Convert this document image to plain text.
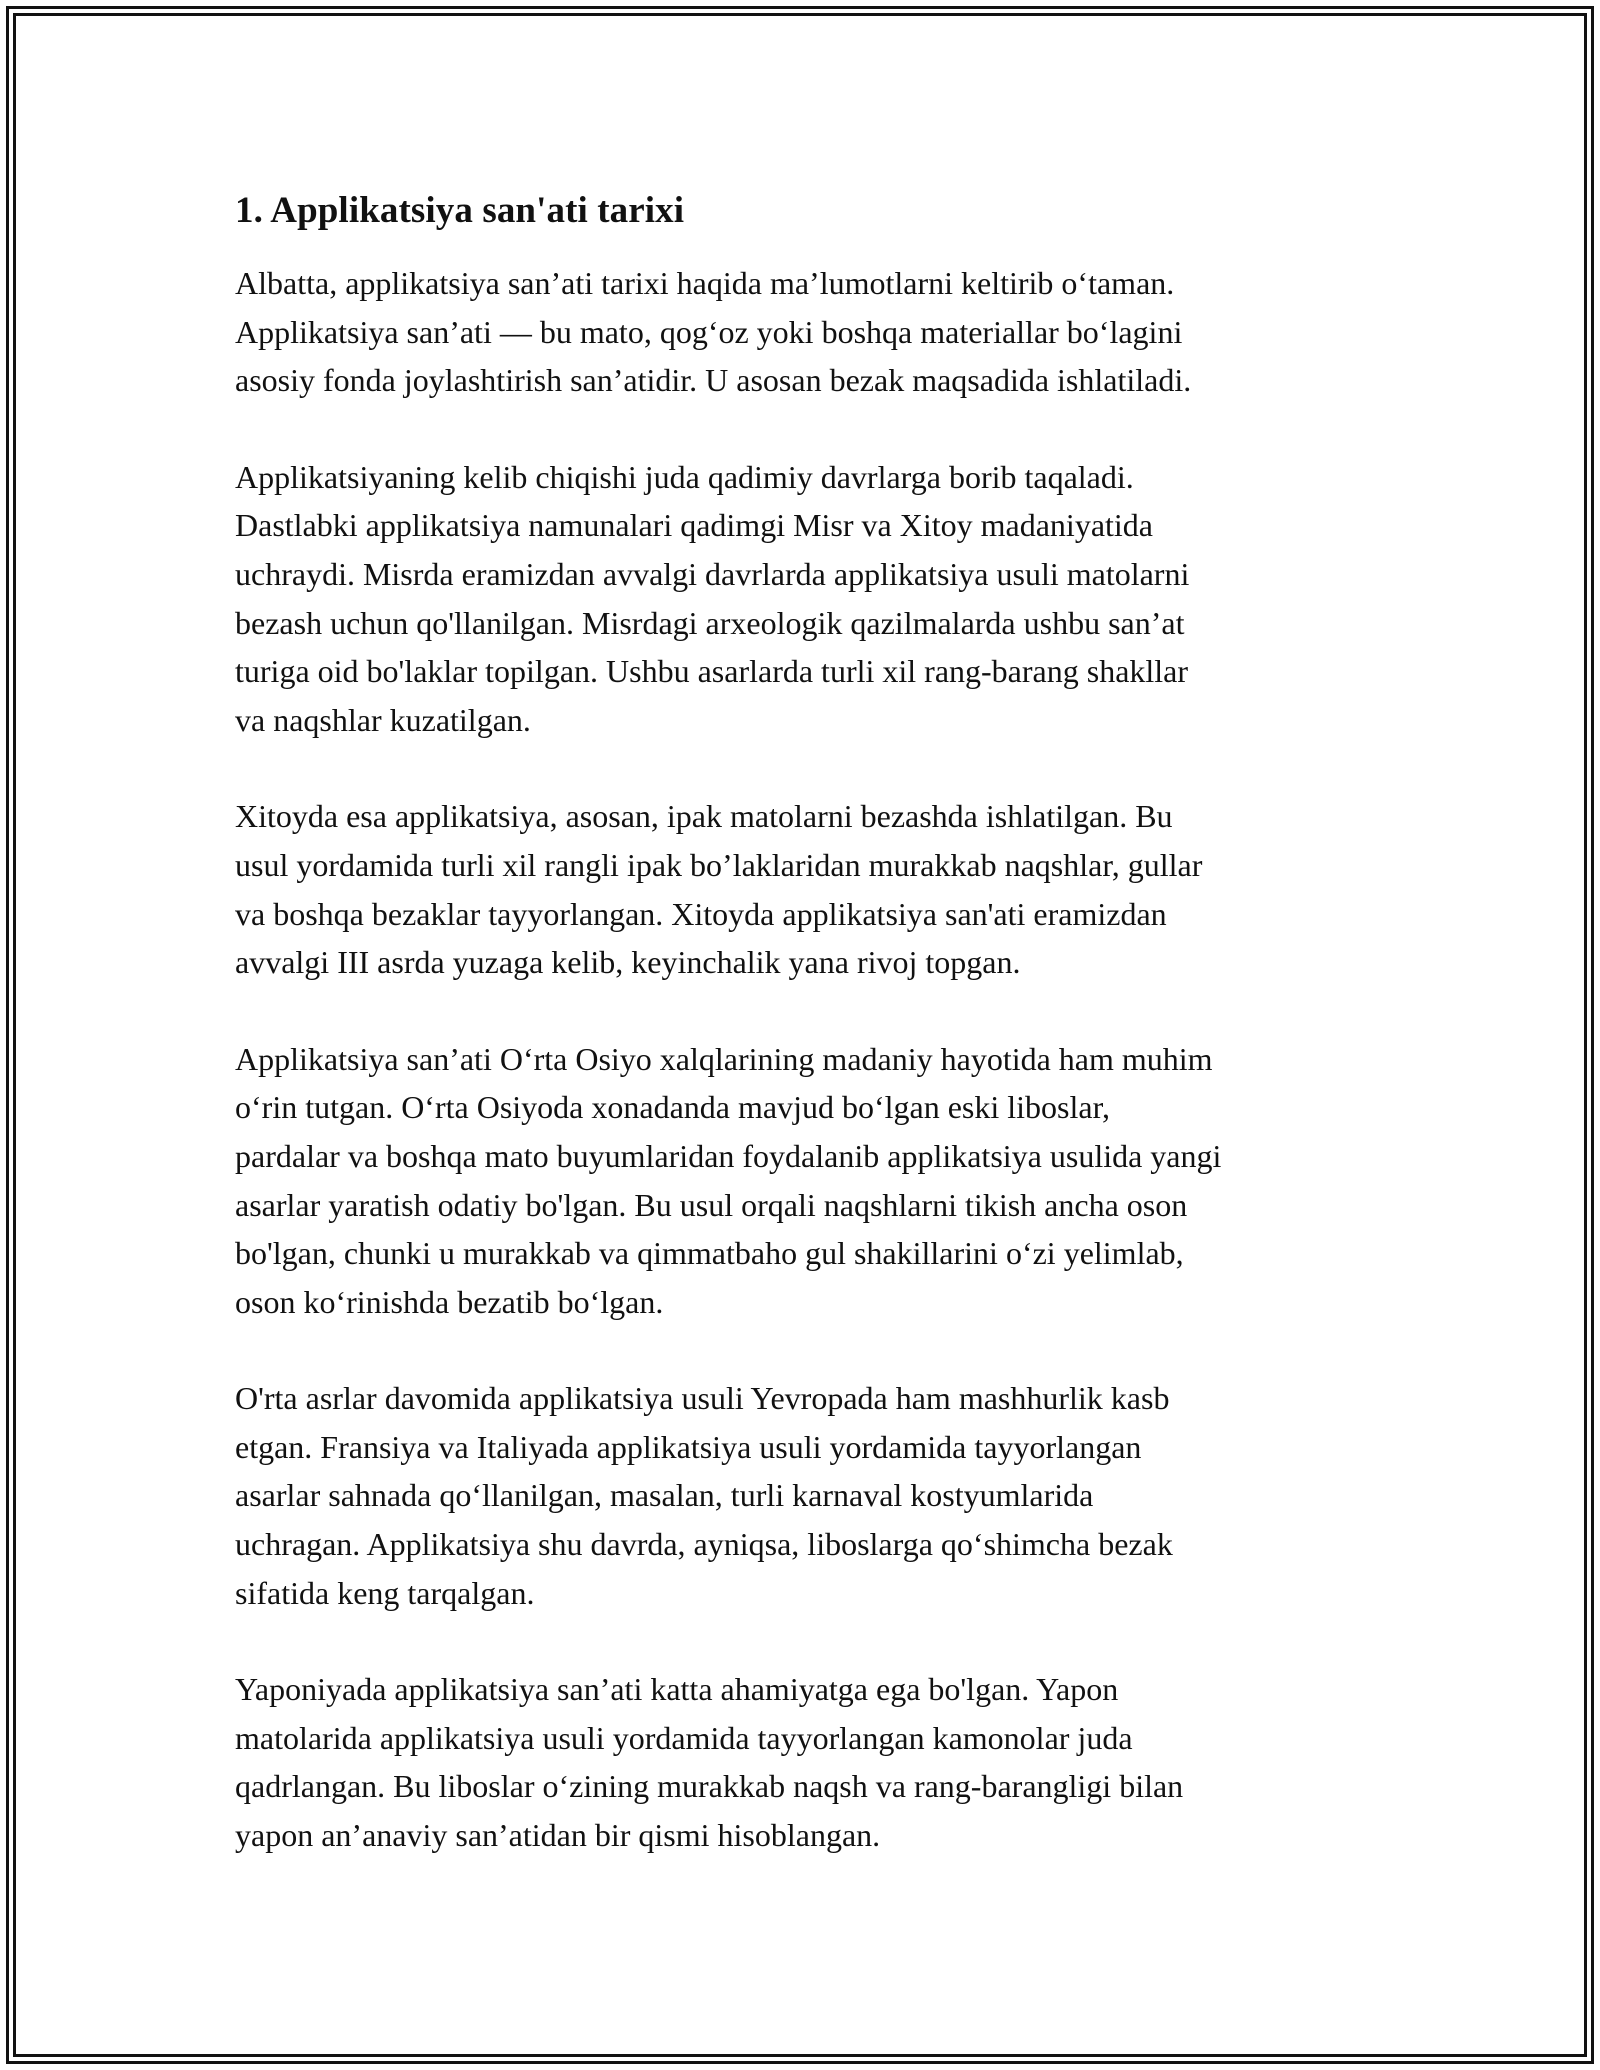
1. Applikatsiya san'ati tarixi

Albatta, applikatsiya san’ati tarixi haqida ma’lumotlarni keltirib o‘taman.
Applikatsiya san’ati — bu mato, qog‘oz yoki boshqa materiallar bo‘lagini
asosiy fonda joylashtirish san’atidir. U asosan bezak maqsadida ishlatiladi.

Applikatsiyaning kelib chiqishi juda qadimiy davrlarga borib taqaladi.
Dastlabki applikatsiya namunalari qadimgi Misr va Xitoy madaniyatida
uchraydi. Misrda eramizdan avvalgi davrlarda applikatsiya usuli matolarni
bezash uchun qo'llanilgan. Misrdagi arxeologik qazilmalarda ushbu san’at
turiga oid bo'laklar topilgan. Ushbu asarlarda turli xil rang-barang shakllar
va naqshlar kuzatilgan.

Xitoyda esa applikatsiya, asosan, ipak matolarni bezashda ishlatilgan. Bu
usul yordamida turli xil rangli ipak bo’laklaridan murakkab naqshlar, gullar
va boshqa bezaklar tayyorlangan. Xitoyda applikatsiya san'ati eramizdan
avvalgi III asrda yuzaga kelib, keyinchalik yana rivoj topgan.

Applikatsiya san’ati O‘rta Osiyo xalqlarining madaniy hayotida ham muhim
o‘rin tutgan. O‘rta Osiyoda xonadanda mavjud bo‘lgan eski liboslar,
pardalar va boshqa mato buyumlaridan foydalanib applikatsiya usulida yangi
asarlar yaratish odatiy bo'lgan. Bu usul orqali naqshlarni tikish ancha oson
bo'lgan, chunki u murakkab va qimmatbaho gul shakillarini o‘zi yelimlab,
oson ko‘rinishda bezatib bo‘lgan.

O'rta asrlar davomida applikatsiya usuli Yevropada ham mashhurlik kasb
etgan. Fransiya va Italiyada applikatsiya usuli yordamida tayyorlangan
asarlar sahnada qo‘llanilgan, masalan, turli karnaval kostyumlarida
uchragan. Applikatsiya shu davrda, ayniqsa, liboslarga qo‘shimcha bezak
sifatida keng tarqalgan.

Yaponiyada applikatsiya san’ati katta ahamiyatga ega bo'lgan. Yapon
matolarida applikatsiya usuli yordamida tayyorlangan kamonolar juda
qadrlangan. Bu liboslar o‘zining murakkab naqsh va rang-barangligi bilan
yapon an’anaviy san’atidan bir qismi hisoblangan.
